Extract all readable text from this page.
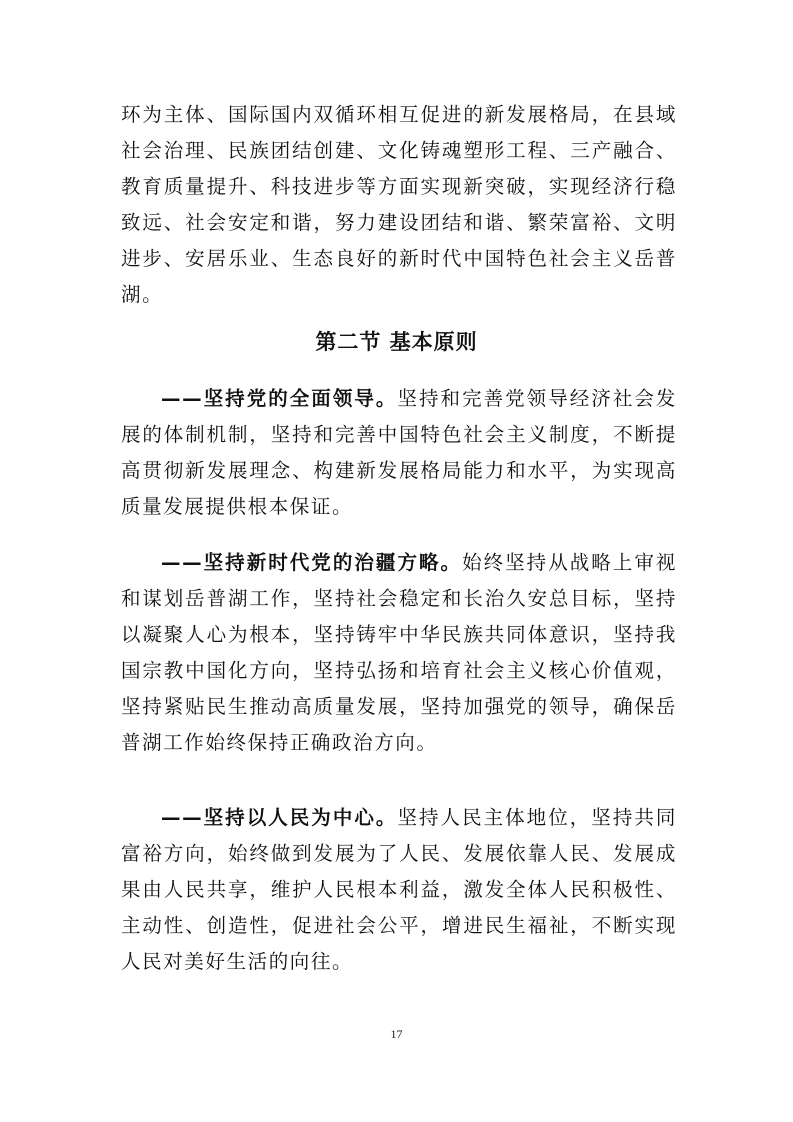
环为主体、国际国内双循环相互促进的新发展格局，在县域社会治理、民族团结创建、文化铸魂塑形工程、三产融合、教育质量提升、科技进步等方面实现新突破，实现经济行稳致远、社会安定和谐，努力建设团结和谐、繁荣富裕、文明进步、安居乐业、生态良好的新时代中国特色社会主义岳普湖。

第二节 基本原则

——坚持党的全面领导。坚持和完善党领导经济社会发展的体制机制，坚持和完善中国特色社会主义制度，不断提高贯彻新发展理念、构建新发展格局能力和水平，为实现高质量发展提供根本保证。

——坚持新时代党的治疆方略。始终坚持从战略上审视和谋划岳普湖工作，坚持社会稳定和长治久安总目标，坚持以凝聚人心为根本，坚持铸牢中华民族共同体意识，坚持我国宗教中国化方向，坚持弘扬和培育社会主义核心价值观，坚持紧贴民生推动高质量发展，坚持加强党的领导，确保岳普湖工作始终保持正确政治方向。

——坚持以人民为中心。坚持人民主体地位，坚持共同富裕方向，始终做到发展为了人民、发展依靠人民、发展成果由人民共享，维护人民根本利益，激发全体人民积极性、主动性、创造性，促进社会公平，增进民生福祉，不断实现人民对美好生活的向往。

17
